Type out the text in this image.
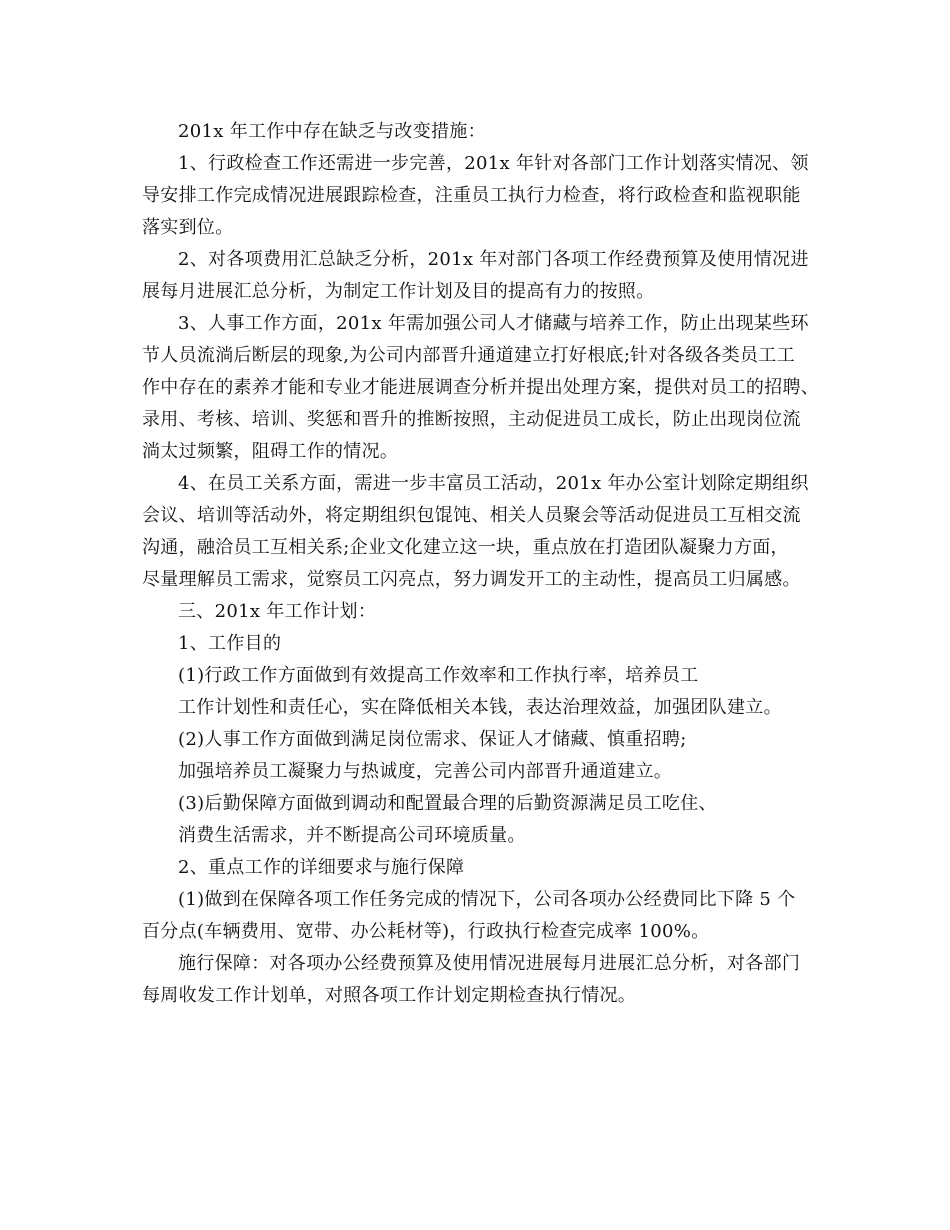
201x 年工作中存在缺乏与改变措施：
1、行政检查工作还需进一步完善，201x 年针对各部门工作计划落实情况、领
导安排工作完成情况进展跟踪检查，注重员工执行力检查，将行政检查和监视职能
落实到位。
2、对各项费用汇总缺乏分析，201x 年对部门各项工作经费预算及使用情况进
展每月进展汇总分析，为制定工作计划及目的提高有力的按照。
3、人事工作方面，201x 年需加强公司人才储藏与培养工作，防止出现某些环
节人员流淌后断层的现象,为公司内部晋升通道建立打好根底;针对各级各类员工工
作中存在的素养才能和专业才能进展调查分析并提出处理方案，提供对员工的招聘、
录用、考核、培训、奖惩和晋升的推断按照，主动促进员工成长，防止出现岗位流
淌太过频繁，阻碍工作的情况。
4、在员工关系方面，需进一步丰富员工活动，201x 年办公室计划除定期组织
会议、培训等活动外，将定期组织包馄饨、相关人员聚会等活动促进员工互相交流
沟通，融洽员工互相关系;企业文化建立这一块，重点放在打造团队凝聚力方面，
尽量理解员工需求，觉察员工闪亮点，努力调发开工的主动性，提高员工归属感。
三、201x 年工作计划：
1、工作目的
(1)行政工作方面做到有效提高工作效率和工作执行率，培养员工
工作计划性和责任心，实在降低相关本钱，表达治理效益，加强团队建立。
(2)人事工作方面做到满足岗位需求、保证人才储藏、慎重招聘;
加强培养员工凝聚力与热诚度，完善公司内部晋升通道建立。
(3)后勤保障方面做到调动和配置最合理的后勤资源满足员工吃住、
消费生活需求，并不断提高公司环境质量。
2、重点工作的详细要求与施行保障
(1)做到在保障各项工作任务完成的情况下，公司各项办公经费同比下降 5 个
百分点(车辆费用、宽带、办公耗材等)，行政执行检查完成率 100%。
施行保障：对各项办公经费预算及使用情况进展每月进展汇总分析，对各部门
每周收发工作计划单，对照各项工作计划定期检查执行情况。
